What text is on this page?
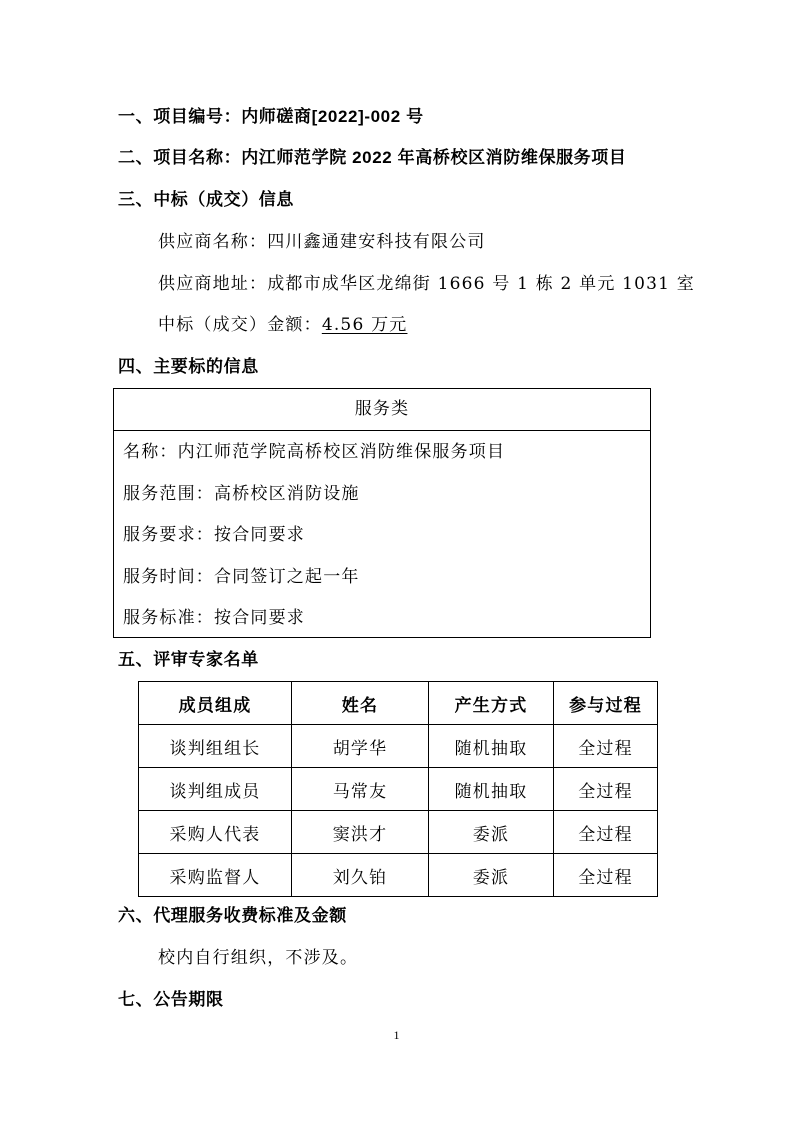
一、项目编号：内师磋商[2022]-002 号
二、项目名称：内江师范学院 2022 年高桥校区消防维保服务项目
三、中标（成交）信息
供应商名称：四川鑫通建安科技有限公司
供应商地址：成都市成华区龙绵街 1666 号 1 栋 2 单元 1031 室
中标（成交）金额：4.56 万元
四、主要标的信息
服务类
名称：内江师范学院高桥校区消防维保服务项目
服务范围：高桥校区消防设施
服务要求：按合同要求
服务时间：合同签订之起一年
服务标准：按合同要求
五、评审专家名单
成员组成	姓名	产生方式	参与过程
谈判组组长	胡学华	随机抽取	全过程
谈判组成员	马常友	随机抽取	全过程
采购人代表	窦洪才	委派	全过程
采购监督人	刘久铂	委派	全过程
六、代理服务收费标准及金额
校内自行组织，不涉及。
七、公告期限
1
